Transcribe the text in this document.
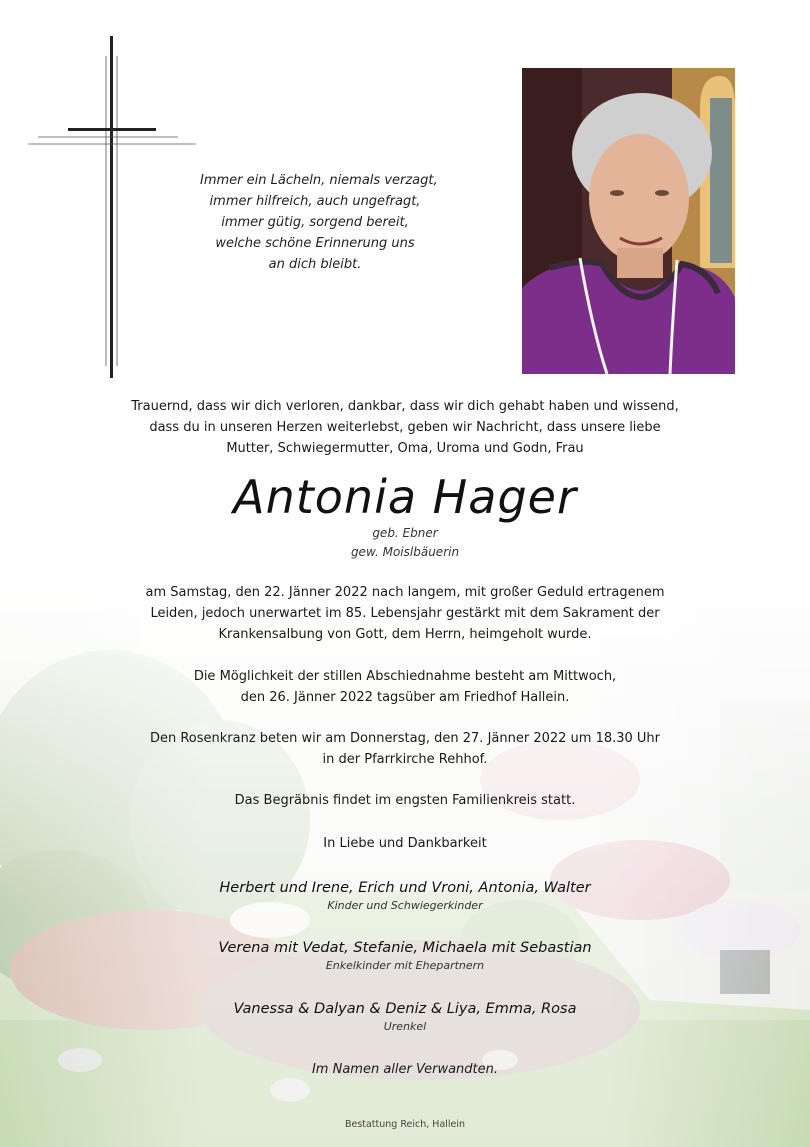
Immer ein Lächeln, niemals verzagt,
immer hilfreich, auch ungefragt,
immer gütig, sorgend bereit,
welche schöne Erinnerung uns
an dich bleibt.
Trauernd, dass wir dich verloren, dankbar, dass wir dich gehabt haben und wissend,
dass du in unseren Herzen weiterlebst, geben wir Nachricht, dass unsere liebe
Mutter, Schwiegermutter, Oma, Uroma und Godn, Frau
Antonia Hager
geb. Ebner
gew. Moislbäuerin
am Samstag, den 22. Jänner 2022 nach langem, mit großer Geduld ertragenem
Leiden, jedoch unerwartet im 85. Lebensjahr gestärkt mit dem Sakrament der
Krankensalbung von Gott, dem Herrn, heimgeholt wurde.
Die Möglichkeit der stillen Abschiednahme besteht am Mittwoch,
den 26. Jänner 2022 tagsüber am Friedhof Hallein.
Den Rosenkranz beten wir am Donnerstag, den 27. Jänner 2022 um 18.30 Uhr
in der Pfarrkirche Rehhof.
Das Begräbnis findet im engsten Familienkreis statt.
In Liebe und Dankbarkeit
Herbert und Irene, Erich und Vroni, Antonia, Walter
Kinder und Schwiegerkinder
Verena mit Vedat, Stefanie, Michaela mit Sebastian
Enkelkinder mit Ehepartnern
Vanessa & Dalyan & Deniz & Liya, Emma, Rosa
Urenkel
Im Namen aller Verwandten.
Bestattung Reich, Hallein
